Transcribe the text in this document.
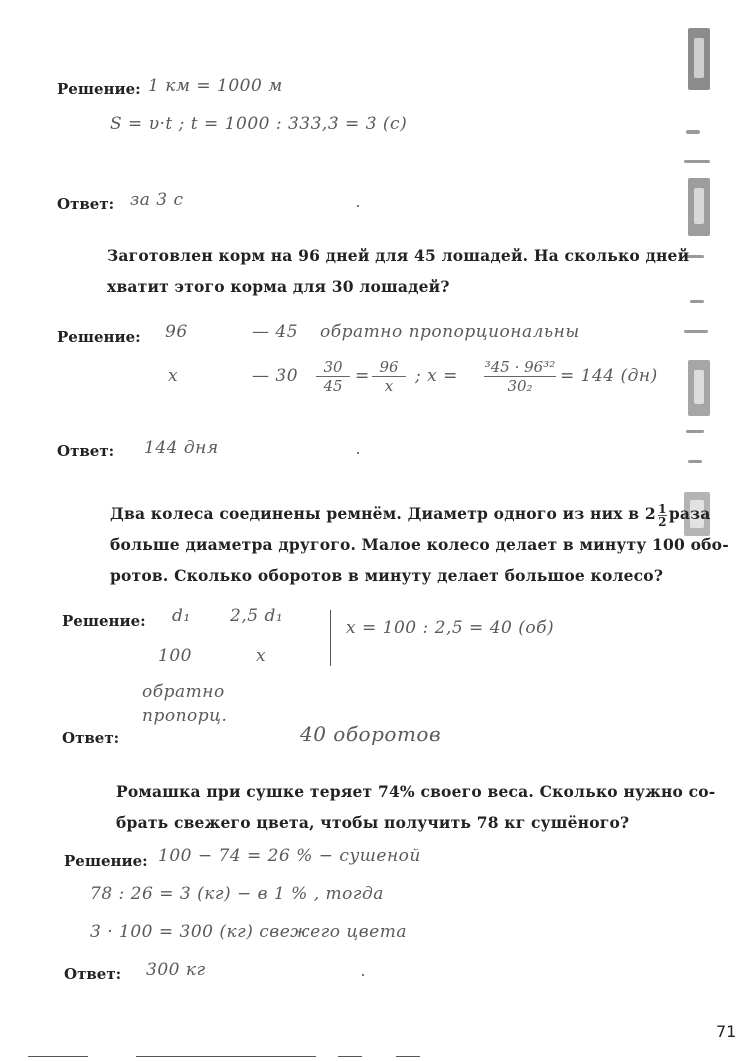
Решение: 1 км = 1000 м
S = υ·t ; t = 1000 : 333,3 = 3 (с)
Ответ: за 3 с
Заготовлен корм на 96 дней для 45 лошадей. На сколько дней
хватит этого корма для 30 лошадей?
Решение: 96	— 45 обратно пропорциональны
x	— $30 \frac{30}{45} = \frac{96}{x}$ ; $x = \frac{\text{³45 · 96³²}}{\text{30₂}} = 144$ (дн)
Ответ: 144 дня
Два колеса соединены ремнём. Диаметр одного из них в $2 \frac{1}{2}$ раза
больше диаметра другого. Малое колесо делает в минуту 100 обо-
ротов. Сколько оборотов в минуту делает большое колесо?
Решение: d₁ 2,5 d₁
100	x
x = 100 : 2,5 = 40 (об)
обратно
пропорц.
Ответ:	40 оборотов
Ромашка при сушке теряет 74% своего веса. Сколько нужно со-
брать свежего цвета, чтобы получить 78 кг сушёного?
Решение: 100 − 74 = 26 % − сушеной
78 : 26 = 3 (кг) − в 1 % , тогда
3 · 100 = 300 (кг) свежего цвета
Ответ: 300 кг
71
